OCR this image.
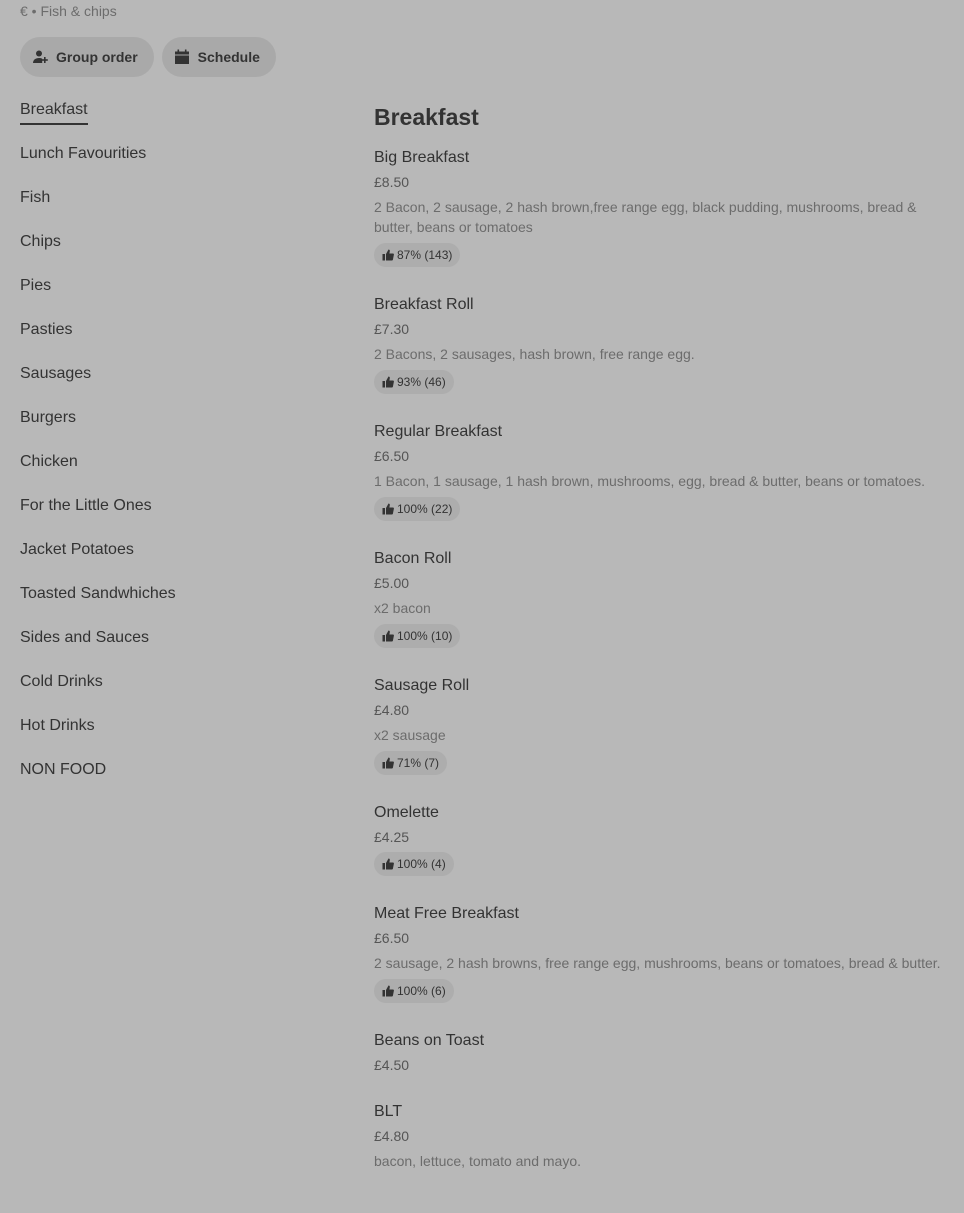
€ • Fish & chips
Group order	Schedule
Breakfast
Lunch Favourities
Fish
Chips
Pies
Pasties
Sausages
Burgers
Chicken
For the Little Ones
Jacket Potatoes
Toasted Sandwhiches
Sides and Sauces
Cold Drinks
Hot Drinks
NON FOOD
Breakfast
Big Breakfast
£8.50
2 Bacon, 2 sausage, 2 hash brown,free range egg, black pudding, mushrooms, bread & butter, beans or tomatoes
87% (143)
Breakfast Roll
£7.30
2 Bacons, 2 sausages, hash brown, free range egg.
93% (46)
Regular Breakfast
£6.50
1 Bacon, 1 sausage, 1 hash brown, mushrooms, egg, bread & butter, beans or tomatoes.
100% (22)
Bacon Roll
£5.00
x2 bacon
100% (10)
Sausage Roll
£4.80
x2 sausage
71% (7)
Omelette
£4.25
100% (4)
Meat Free Breakfast
£6.50
2 sausage, 2 hash browns, free range egg, mushrooms, beans or tomatoes, bread & butter.
100% (6)
Beans on Toast
£4.50
BLT
£4.80
bacon, lettuce, tomato and mayo.
